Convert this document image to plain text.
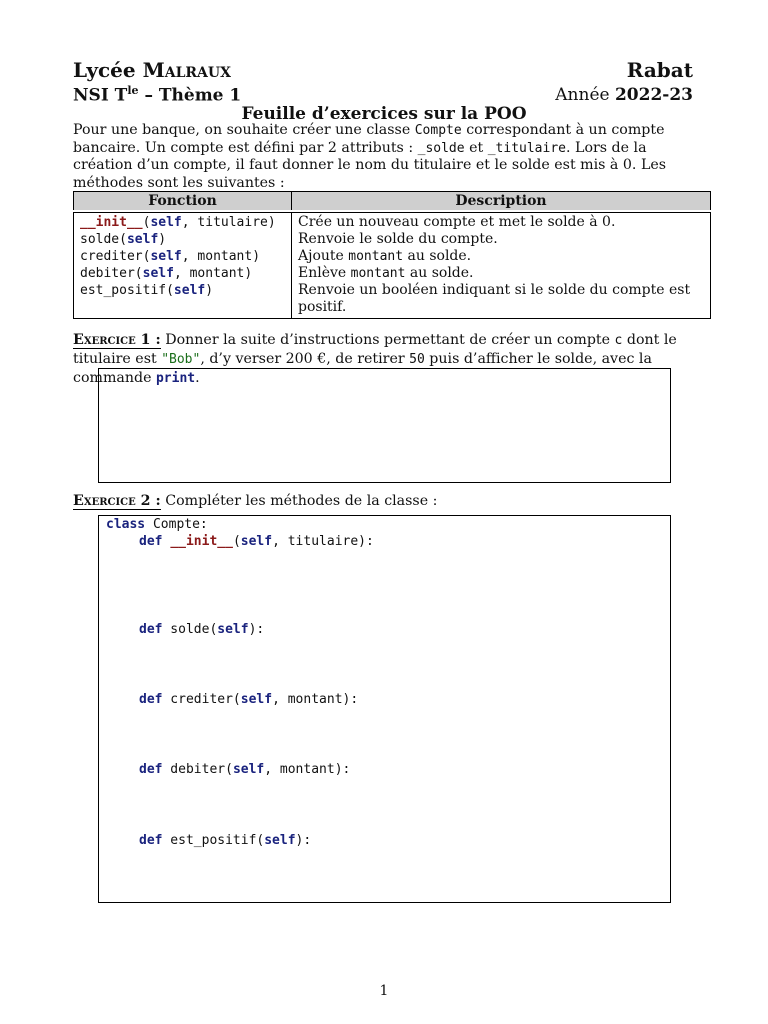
Lycée Malraux	Rabat
NSI $T^{le}$ – Thème 1	Année 2022-23
Feuille d’exercices sur la POO
Pour une banque, on souhaite créer une classe Compte correspondant à un compte bancaire. Un compte est défini par 2 attributs : _solde et _titulaire. Lors de la création d’un compte, il faut donner le nom du titulaire et le solde est mis à 0. Les méthodes sont les suivantes :
Fonction	Description

__init__(self, titulaire)	Crée un nouveau compte et met le solde à 0.
solde(self)	Renvoie le solde du compte.
crediter(self, montant)	Ajoute montant au solde.
debiter(self, montant)	Enlève montant au solde.
est_positif(self)	Renvoie un booléen indiquant si le solde du compte est positif.
Exercice 1 : Donner la suite d’instructions permettant de créer un compte c dont le titulaire est "Bob", d’y verser 200 €, de retirer 50 puis d’afficher le solde, avec la commande print.
Exercice 2 : Compléter les méthodes de la classe :
class Compte:
def __init__(self, titulaire):
def solde(self):
def crediter(self, montant):
def debiter(self, montant):
def est_positif(self):
1
